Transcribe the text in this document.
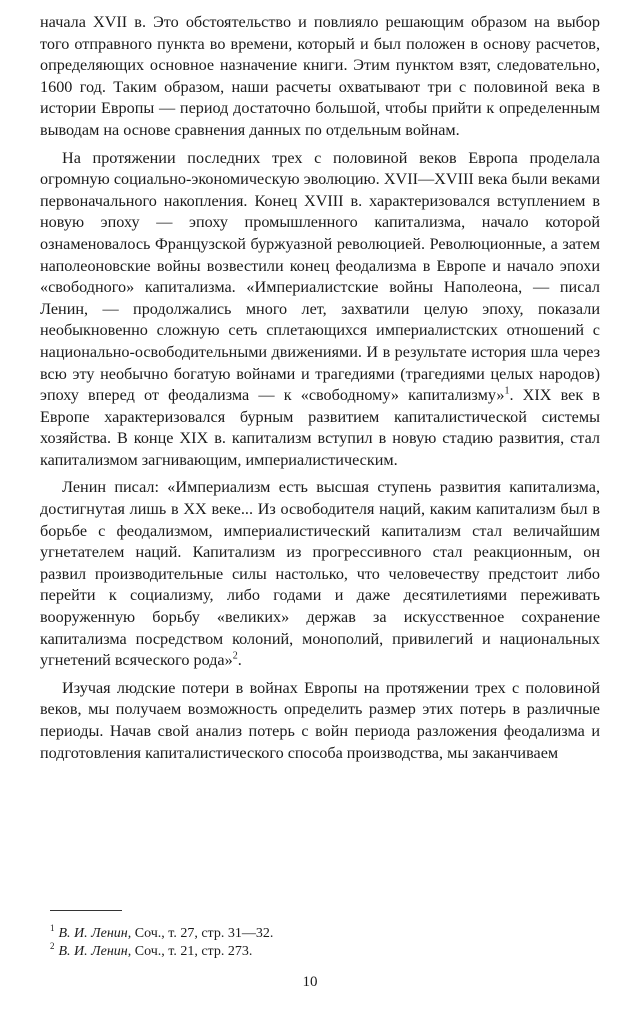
начала XVII в. Это обстоятельство и повлияло решающим образом на выбор того отправного пункта во времени, который и был положен в основу расчетов, определяющих основное назначение книги. Этим пунктом взят, следовательно, 1600 год. Таким образом, наши расчеты охватывают три с половиной века в истории Европы — период достаточно большой, чтобы прийти к определенным выводам на основе сравнения данных по отдельным войнам.

На протяжении последних трех с половиной веков Европа проделала огромную социально-экономическую эволюцию. XVII—XVIII века были веками первоначального накопления. Конец XVIII в. характеризовался вступлением в новую эпоху — эпоху промышленного капитализма, начало которой ознаменовалось Французской буржуазной революцией. Революционные, а затем наполеоновские войны возвестили конец феодализма в Европе и начало эпохи «свободного» капитализма. «Империалистские войны Наполеона, — писал Ленин, — продолжались много лет, захватили целую эпоху, показали необыкновенно сложную сеть сплетающихся империалистских отношений с национально-освободительными движениями. И в результате история шла через всю эту необычно богатую войнами и трагедиями (трагедиями целых народов) эпоху вперед от феодализма — к «свободному» капитализму»$^1$. XIX век в Европе характеризовался бурным развитием капиталистической системы хозяйства. В конце XIX в. капитализм вступил в новую стадию развития, стал капитализмом загнивающим, империалистическим.

Ленин писал: «Империализм есть высшая ступень развития капитализма, достигнутая лишь в XX веке... Из освободителя наций, каким капитализм был в борьбе с феодализмом, империалистический капитализм стал величайшим угнетателем наций. Капитализм из прогрессивного стал реакционным, он развил производительные силы настолько, что человечеству предстоит либо перейти к социализму, либо годами и даже десятилетиями переживать вооруженную борьбу «великих» держав за искусственное сохранение капитализма посредством колоний, монополий, привилегий и национальных угнетений всяческого рода»$^2$.

Изучая людские потери в войнах Европы на протяжении трех с половиной веков, мы получаем возможность определить размер этих потерь в различные периоды. Начав свой анализ потерь с войн периода разложения феодализма и подготовления капиталистического способа производства, мы заканчиваем

$^1$ В. И. Ленин, Соч., т. 27, стр. 31—32.
$^2$ В. И. Ленин, Соч., т. 21, стр. 273.
10
